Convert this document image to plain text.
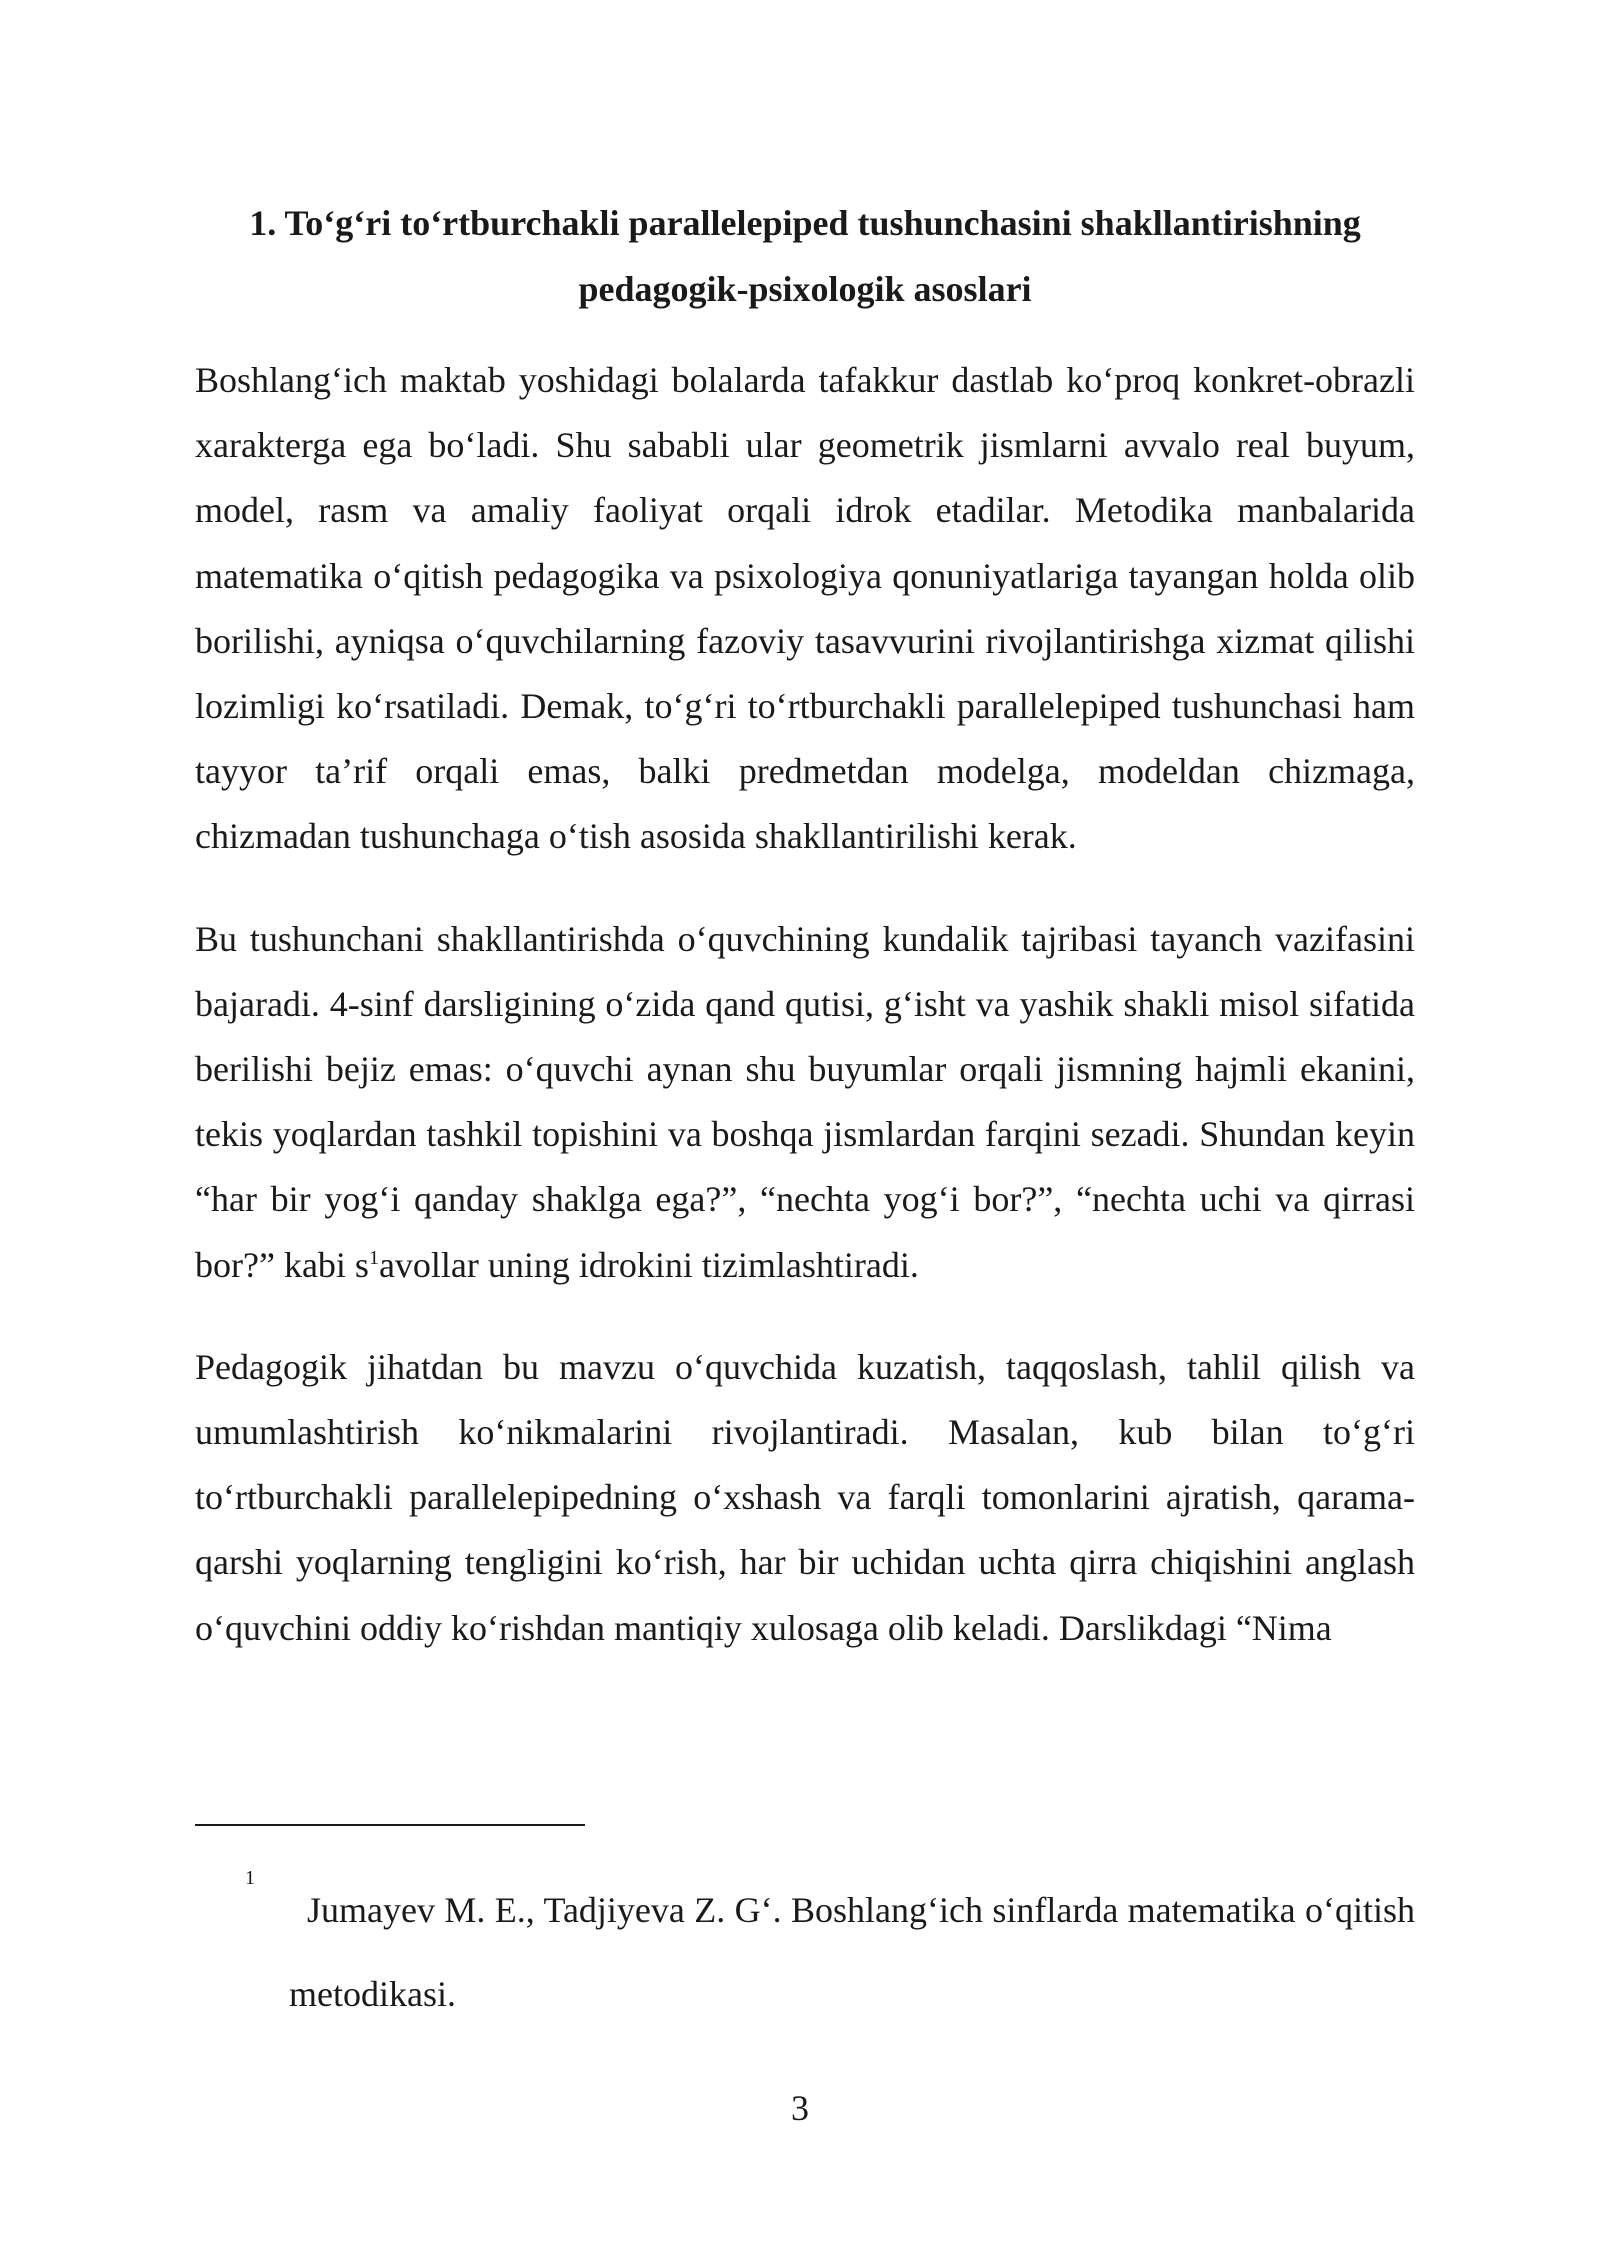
1. To‘g‘ri to‘rtburchakli parallelepiped tushunchasini shakllantirishning
pedagogik-psixologik asoslari

Boshlang‘ich maktab yoshidagi bolalarda tafakkur dastlab ko‘proq konkret-obrazli xarakterga ega bo‘ladi. Shu sababli ular geometrik jismlarni avvalo real buyum, model, rasm va amaliy faoliyat orqali idrok etadilar. Metodika manbalarida matematika o‘qitish pedagogika va psixologiya qonuniyatlariga tayangan holda olib borilishi, ayniqsa o‘quvchilarning fazoviy tasavvurini rivojlantirishga xizmat qilishi lozimligi ko‘rsatiladi. Demak, to‘g‘ri to‘rtburchakli parallelepiped tushunchasi ham tayyor ta’rif orqali emas, balki predmetdan modelga, modeldan chizmaga, chizmadan tushunchaga o‘tish asosida shakllantirilishi kerak.

Bu tushunchani shakllantirishda o‘quvchining kundalik tajribasi tayanch vazifasini bajaradi. 4-sinf darsligining o‘zida qand qutisi, g‘isht va yashik shakli misol sifatida berilishi bejiz emas: o‘quvchi aynan shu buyumlar orqali jismning hajmli ekanini, tekis yoqlardan tashkil topishini va boshqa jismlardan farqini sezadi. Shundan keyin “har bir yog‘i qanday shaklga ega?”, “nechta yog‘i bor?”, “nechta uchi va qirrasi bor?” kabi s$^1$avollar uning idrokini tizimlashtiradi.

Pedagogik jihatdan bu mavzu o‘quvchida kuzatish, taqqoslash, tahlil qilish va umumlashtirish ko‘nikmalarini rivojlantiradi. Masalan, kub bilan to‘g‘ri to‘rtburchakli parallelepipedning o‘xshash va farqli tomonlarini ajratish, qarama-qarshi yoqlarning tengligini ko‘rish, har bir uchidan uchta qirra chiqishini anglash o‘quvchini oddiy ko‘rishdan mantiqiy xulosaga olib keladi. Darslikdagi “Nima

1
Jumayev M. E., Tadjiyeva Z. G‘. Boshlang‘ich sinflarda matematika o‘qitish metodikasi.
3
